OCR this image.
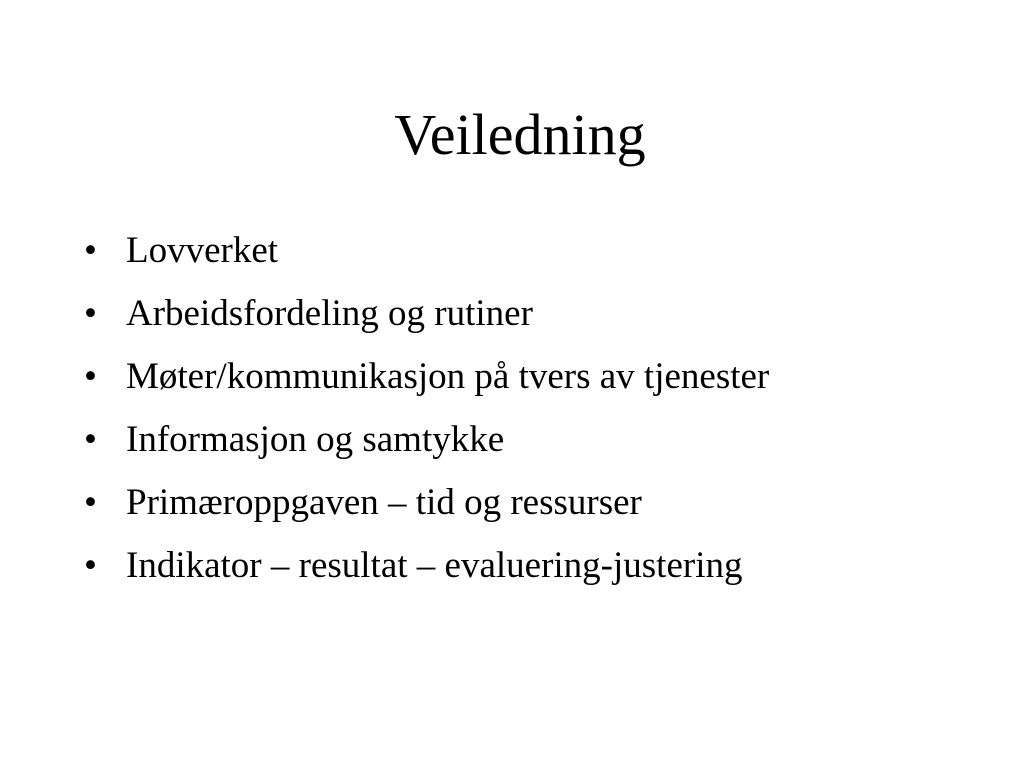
Veiledning
• Lovverket
• Arbeidsfordeling og rutiner
• Møter/kommunikasjon på tvers av tjenester
• Informasjon og samtykke
• Primæroppgaven – tid og ressurser
• Indikator – resultat – evaluering-justering
